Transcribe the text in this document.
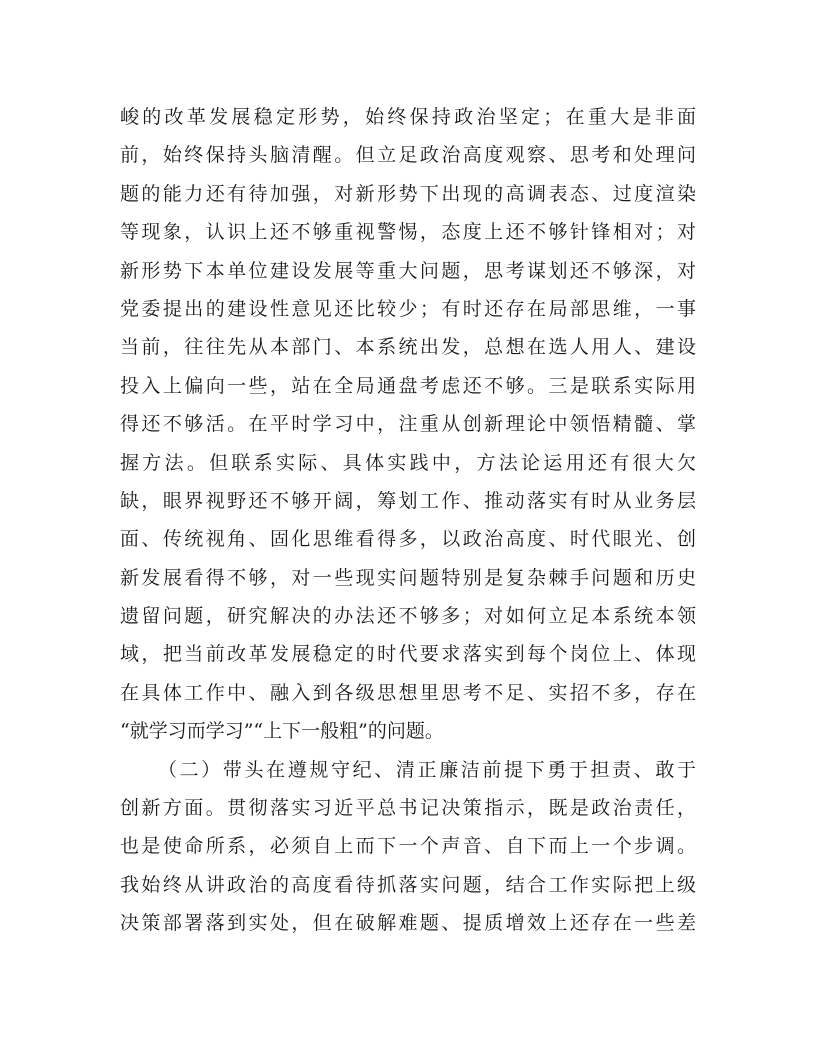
峻的改革发展稳定形势，始终保持政治坚定；在重大是非面
前，始终保持头脑清醒。但立足政治高度观察、思考和处理问
题的能力还有待加强，对新形势下出现的高调表态、过度渲染
等现象，认识上还不够重视警惕，态度上还不够针锋相对；对
新形势下本单位建设发展等重大问题，思考谋划还不够深，对
党委提出的建设性意见还比较少；有时还存在局部思维，一事
当前，往往先从本部门、本系统出发，总想在选人用人、建设
投入上偏向一些，站在全局通盘考虑还不够。三是联系实际用
得还不够活。在平时学习中，注重从创新理论中领悟精髓、掌
握方法。但联系实际、具体实践中，方法论运用还有很大欠
缺，眼界视野还不够开阔，筹划工作、推动落实有时从业务层
面、传统视角、固化思维看得多，以政治高度、时代眼光、创
新发展看得不够，对一些现实问题特别是复杂棘手问题和历史
遗留问题，研究解决的办法还不够多；对如何立足本系统本领
域，把当前改革发展稳定的时代要求落实到每个岗位上、体现
在具体工作中、融入到各级思想里思考不足、实招不多，存在
“就学习而学习”“上下一般粗”的问题。
（二）带头在遵规守纪、清正廉洁前提下勇于担责、敢于
创新方面。贯彻落实习近平总书记决策指示，既是政治责任，
也是使命所系，必须自上而下一个声音、自下而上一个步调。
我始终从讲政治的高度看待抓落实问题，结合工作实际把上级
决策部署落到实处，但在破解难题、提质增效上还存在一些差
